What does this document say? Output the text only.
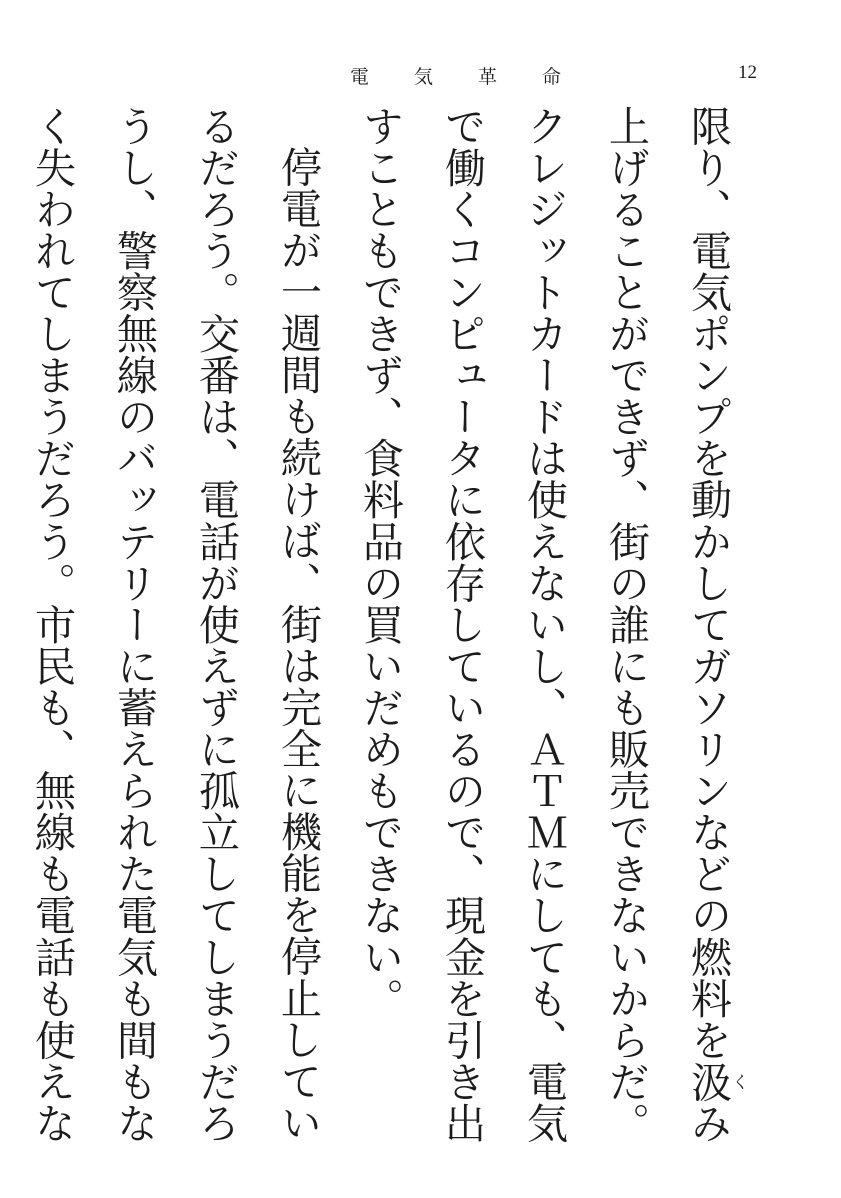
電　気　革　命	12

限り、電気ポンプを動かしてガソリンなどの燃料を汲くみ上げることができず、街の誰にも販売できないからだ。クレジットカードは使えないし、ＡＴＭにしても、電気で働くコンピュータに依存しているので、現金を引き出すこともできず、食料品の買いだめもできない。

停電が一週間も続けば、街は完全に機能を停止しているだろう。交番は、電話が使えずに孤立してしまうだろうし、警察無線のバッテリーに蓄えられた電気も間もなく失われてしまうだろう。市民も、無線も電話も使えな
